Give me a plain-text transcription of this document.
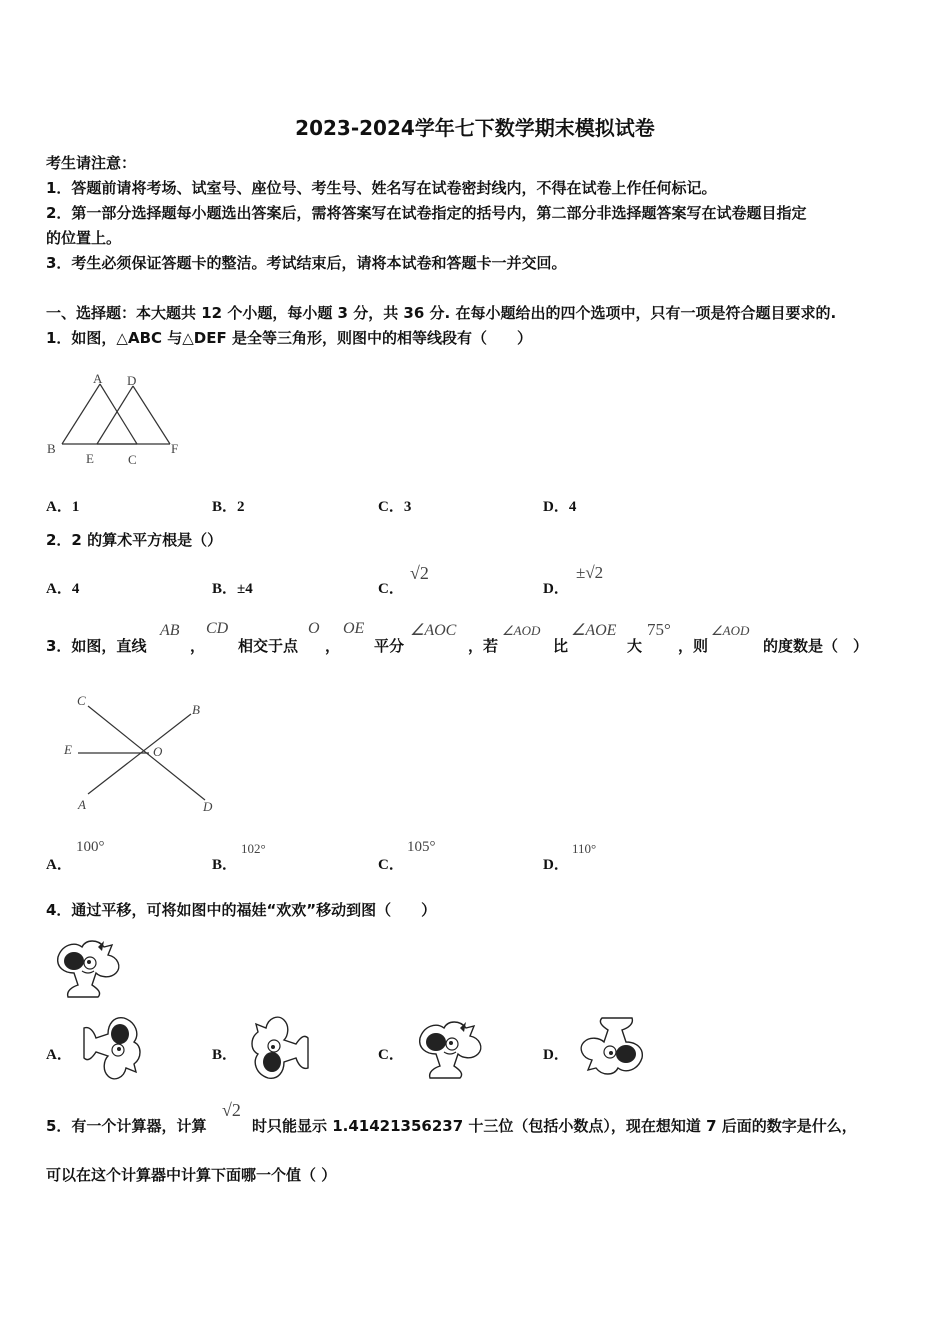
2023-2024学年七下数学期末模拟试卷
考生请注意：
1．答题前请将考场、试室号、座位号、考生号、姓名写在试卷密封线内，不得在试卷上作任何标记。
2．第一部分选择题每小题选出答案后，需将答案写在试卷指定的括号内，第二部分非选择题答案写在试卷题目指定
的位置上。
3．考生必须保证答题卡的整洁。考试结束后，请将本试卷和答题卡一并交回。
一、选择题：本大题共 12 个小题，每小题 3 分，共 36 分. 在每小题给出的四个选项中，只有一项是符合题目要求的.
1．如图，△ABC 与△DEF 是全等三角形，则图中的相等线段有（　　）
A D
B
E	C
F
A．1	B．2	C．3	D．4
2．2 的算术平方根是（）
A．4	B．±4	C．
√2
D．
±√2
3．如图，直线
AB
，
CD
相交于点
O
，
OE
平分
∠AOC
，若
∠AOD
比
∠AOE
大
75°
，则
∠AOD
的度数是（　）
C
B
E	O
A	D
A．
100°
B．
102°
C．
105°
D．
110°
4．通过平移，可将如图中的福娃“欢欢”移动到图（　　）
A．	B．	C．	D．
5．有一个计算器，计算
√2
时只能显示 1.41421356237 十三位（包括小数点），现在想知道 7 后面的数字是什么，
可以在这个计算器中计算下面哪一个值（ ）
